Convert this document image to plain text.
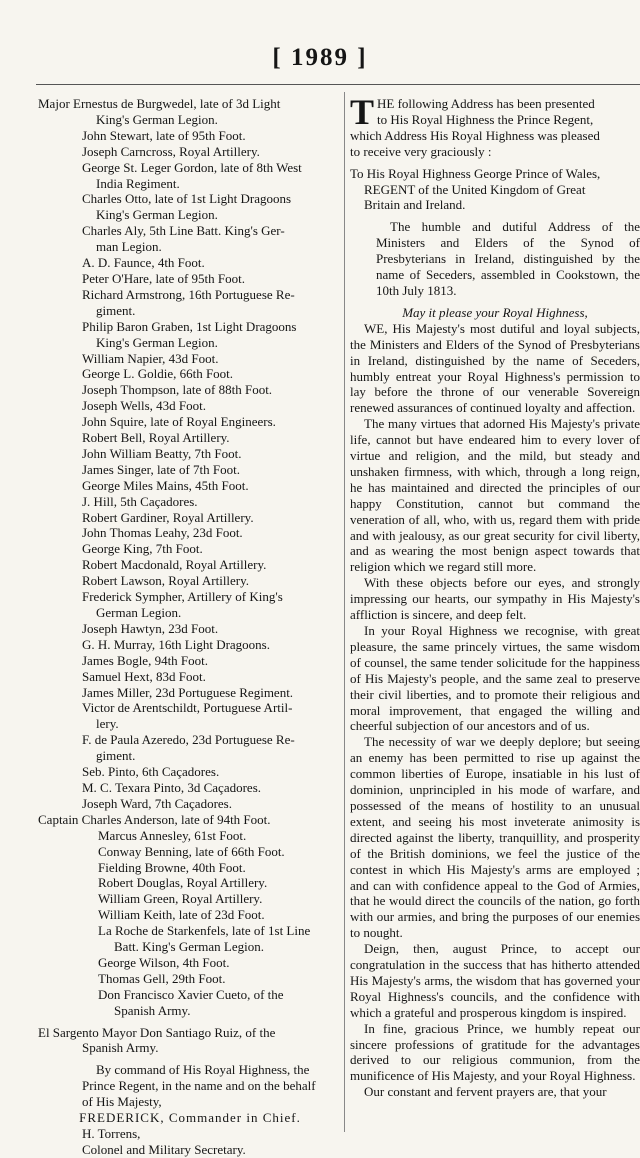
[ 1989 ]
Major Ernestus de Burgwedel, late of 3d Light
King's German Legion.
John Stewart, late of 95th Foot.
Joseph Carncross, Royal Artillery.
George St. Leger Gordon, late of 8th West
India Regiment.
Charles Otto, late of 1st Light Dragoons
King's German Legion.
Charles Aly, 5th Line Batt. King's Ger-
man Legion.
A. D. Faunce, 4th Foot.
Peter O'Hare, late of 95th Foot.
Richard Armstrong, 16th Portuguese Re-
giment.
Philip Baron Graben, 1st Light Dragoons
King's German Legion.
William Napier, 43d Foot.
George L. Goldie, 66th Foot.
Joseph Thompson, late of 88th Foot.
Joseph Wells, 43d Foot.
John Squire, late of Royal Engineers.
Robert Bell, Royal Artillery.
John William Beatty, 7th Foot.
James Singer, late of 7th Foot.
George Miles Mains, 45th Foot.
J. Hill, 5th Caçadores.
Robert Gardiner, Royal Artillery.
John Thomas Leahy, 23d Foot.
George King, 7th Foot.
Robert Macdonald, Royal Artillery.
Robert Lawson, Royal Artillery.
Frederick Sympher, Artillery of King's
German Legion.
Joseph Hawtyn, 23d Foot.
G. H. Murray, 16th Light Dragoons.
James Bogle, 94th Foot.
Samuel Hext, 83d Foot.
James Miller, 23d Portuguese Regiment.
Victor de Arentschildt, Portuguese Artil-
lery.
F. de Paula Azeredo, 23d Portuguese Re-
giment.
Seb. Pinto, 6th Caçadores.
M. C. Texara Pinto, 3d Caçadores.
Joseph Ward, 7th Caçadores.
Captain Charles Anderson, late of 94th Foot.
Marcus Annesley, 61st Foot.
Conway Benning, late of 66th Foot.
Fielding Browne, 40th Foot.
Robert Douglas, Royal Artillery.
William Green, Royal Artillery.
William Keith, late of 23d Foot.
La Roche de Starkenfels, late of 1st Line
Batt. King's German Legion.
George Wilson, 4th Foot.
Thomas Gell, 29th Foot.
Don Francisco Xavier Cueto, of the
Spanish Army.
El Sargento Mayor Don Santiago Ruiz, of the
Spanish Army.
By command of His Royal Highness, the
Prince Regent, in the name and on the behalf
of His Majesty,
FREDERICK, Commander in Chief.
H. Torrens,
Colonel and Military Secretary.
T HE following Address has been presented
to His Royal Highness the Prince Regent,
which Address His Royal Highness was pleased
to receive very graciously :
To His Royal Highness George Prince of Wales,
REGENT of the United Kingdom of Great
Britain and Ireland.
The humble and dutiful Address of the Ministers and Elders of the Synod of Presbyterians in Ireland, distinguished by the name of Seceders, assembled in Cookstown, the 10th July 1813.
May it please your Royal Highness,
WE, His Majesty's most dutiful and loyal subjects, the Ministers and Elders of the Synod of Presbyterians in Ireland, distinguished by the name of Seceders, humbly entreat your Royal Highness's permission to lay before the throne of our venerable Sovereign renewed assurances of continued loyalty and affection.
The many virtues that adorned His Majesty's private life, cannot but have endeared him to every lover of virtue and religion, and the mild, but steady and unshaken firmness, with which, through a long reign, he has maintained and directed the principles of our happy Constitution, cannot but command the veneration of all, who, with us, regard them with pride and with jealousy, as our great security for civil liberty, and as wearing the most benign aspect towards that religion which we regard still more.
With these objects before our eyes, and strongly impressing our hearts, our sympathy in His Majesty's affliction is sincere, and deep felt.
In your Royal Highness we recognise, with great pleasure, the same princely virtues, the same wisdom of counsel, the same tender solicitude for the happiness of His Majesty's people, and the same zeal to preserve their civil liberties, and to promote their religious and moral improvement, that engaged the willing and cheerful subjection of our ancestors and of us.
The necessity of war we deeply deplore; but seeing an enemy has been permitted to rise up against the common liberties of Europe, insatiable in his lust of dominion, unprincipled in his mode of warfare, and possessed of the means of hostility to an unusual extent, and seeing his most inveterate animosity is directed against the liberty, tranquillity, and prosperity of the British dominions, we feel the justice of the contest in which His Majesty's arms are employed ; and can with confidence appeal to the God of Armies, that he would direct the councils of the nation, go forth with our armies, and bring the purposes of our enemies to nought.
Deign, then, august Prince, to accept our congratulation in the success that has hitherto attended His Majesty's arms, the wisdom that has governed your Royal Highness's councils, and the confidence with which a grateful and prosperous kingdom is inspired.
In fine, gracious Prince, we humbly repeat our sincere professions of gratitude for the advantages derived to our religious communion, from the munificence of His Majesty, and your Royal Highness.
Our constant and fervent prayers are, that your
